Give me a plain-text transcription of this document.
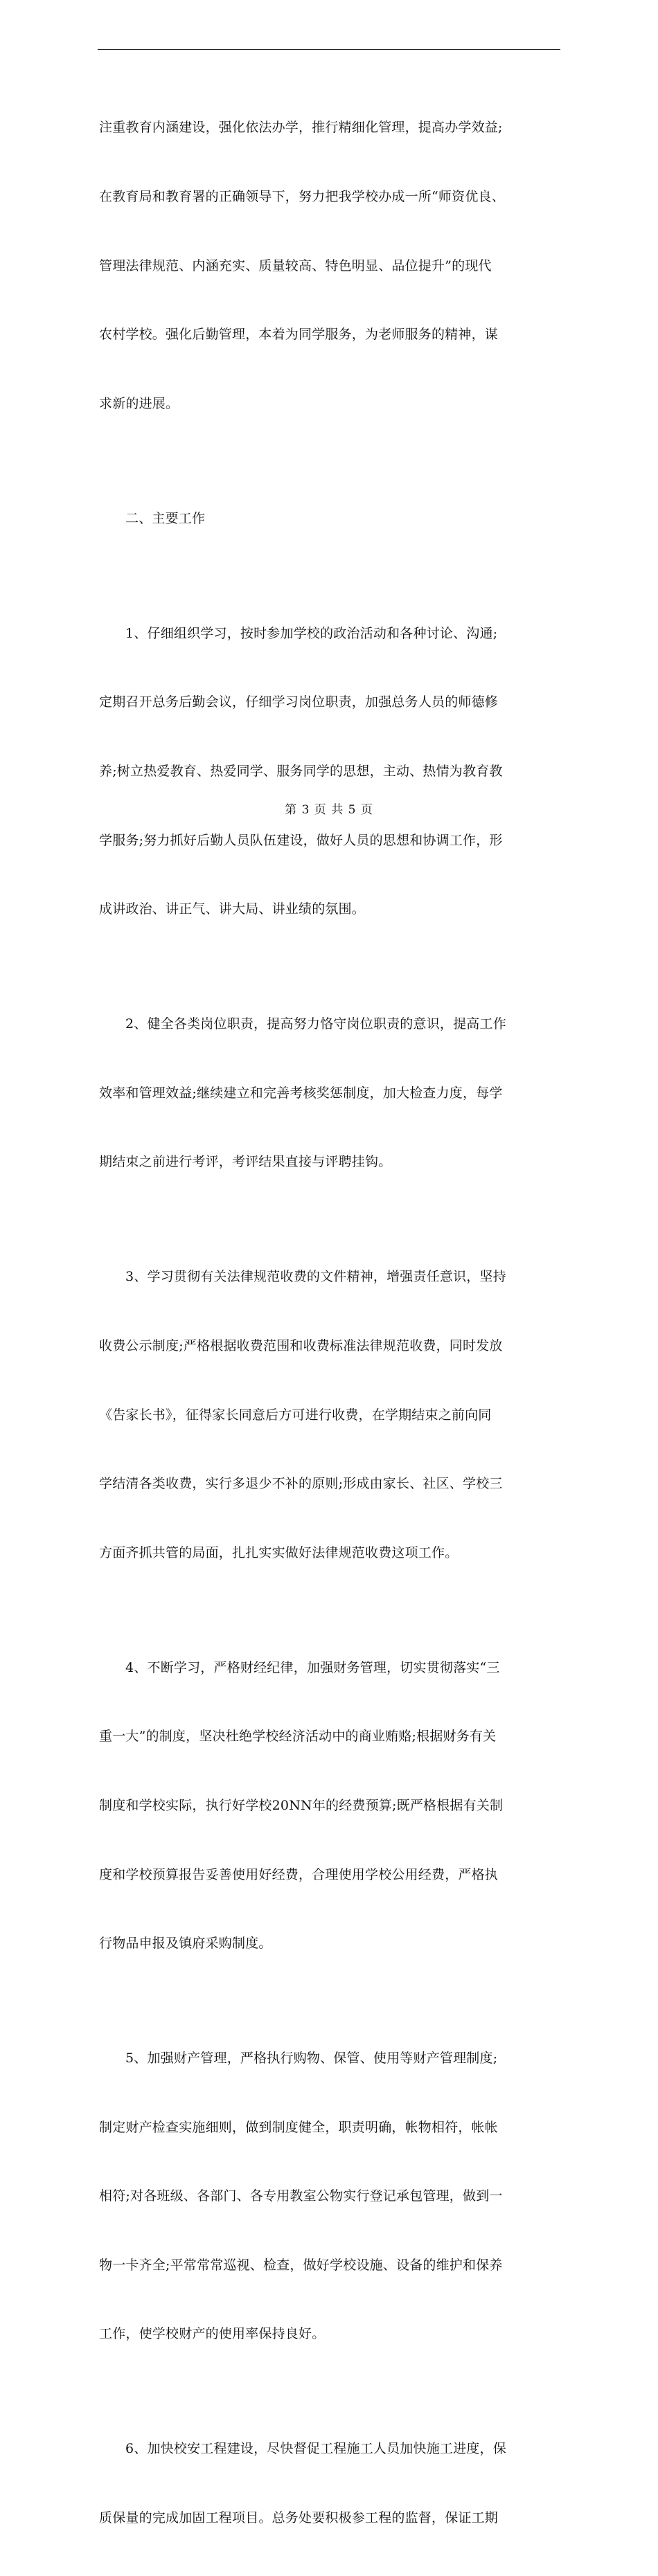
注重教育内涵建设，强化依法办学，推行精细化管理，提高办学效益;

在教育局和教育署的正确领导下，努力把我学校办成一所“师资优良、

管理法律规范、内涵充实、质量较高、特色明显、品位提升”的现代

农村学校。强化后勤管理，本着为同学服务，为老师服务的精神，谋

求新的进展。

二、主要工作

1、仔细组织学习，按时参加学校的政治活动和各种讨论、沟通;

定期召开总务后勤会议，仔细学习岗位职责，加强总务人员的师德修

养;树立热爱教育、热爱同学、服务同学的思想，主动、热情为教育教

学服务;努力抓好后勤人员队伍建设，做好人员的思想和协调工作，形

成讲政治、讲正气、讲大局、讲业绩的氛围。

2、健全各类岗位职责，提高努力恪守岗位职责的意识，提高工作

效率和管理效益;继续建立和完善考核奖惩制度，加大检查力度，每学

期结束之前进行考评，考评结果直接与评聘挂钩。

3、学习贯彻有关法律规范收费的文件精神，增强责任意识，坚持

收费公示制度;严格根据收费范围和收费标准法律规范收费，同时发放

《告家长书》，征得家长同意后方可进行收费，在学期结束之前向同

学结清各类收费，实行多退少不补的原则;形成由家长、社区、学校三

方面齐抓共管的局面，扎扎实实做好法律规范收费这项工作。

4、不断学习，严格财经纪律，加强财务管理，切实贯彻落实“三

重一大”的制度，坚决杜绝学校经济活动中的商业贿赂;根据财务有关

制度和学校实际，执行好学校20NN年的经费预算;既严格根据有关制

度和学校预算报告妥善使用好经费，合理使用学校公用经费，严格执

行物品申报及镇府采购制度。

5、加强财产管理，严格执行购物、保管、使用等财产管理制度;

制定财产检查实施细则，做到制度健全，职责明确，帐物相符，帐帐

相符;对各班级、各部门、各专用教室公物实行登记承包管理，做到一

物一卡齐全;平常常常巡视、检查，做好学校设施、设备的维护和保养

工作，使学校财产的使用率保持良好。

6、加快校安工程建设，尽快督促工程施工人员加快施工进度，保

质保量的完成加固工程项目。总务处要积极参工程的监督，保证工期

第 3 页 共 5 页
